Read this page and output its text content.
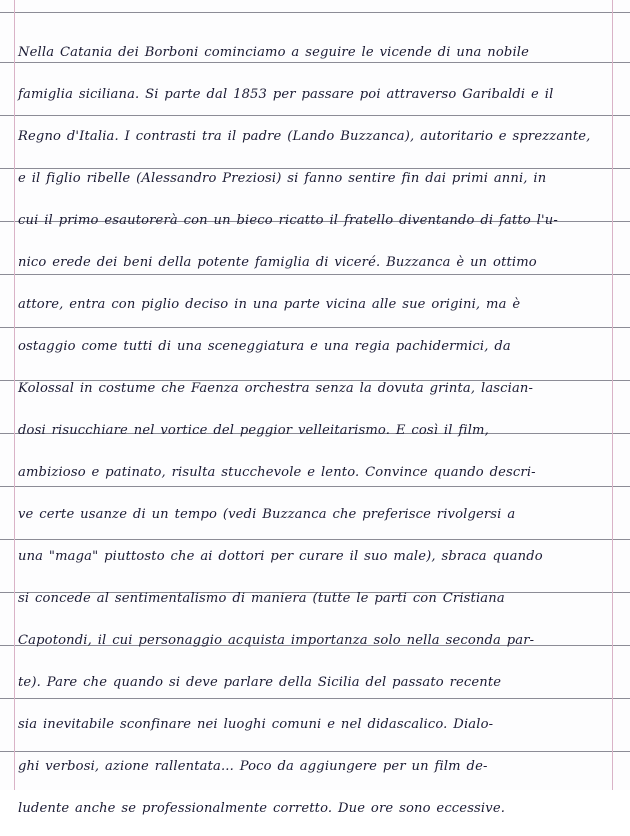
Nella Catania dei Borboni cominciamo a seguire le vicende di una nobile
famiglia siciliana. Si parte dal 1853 per passare poi attraverso Garibaldi e il
Regno d'Italia. I contrasti tra il padre (Lando Buzzanca), autoritario e sprezzante,
e il figlio ribelle (Alessandro Preziosi) si fanno sentire fin dai primi anni, in
cui il primo esautorerà con un bieco ricatto il fratello diventando di fatto l'u-
nico erede dei beni della potente famiglia di viceré. Buzzanca è un ottimo
attore, entra con piglio deciso in una parte vicina alle sue origini, ma è
ostaggio come tutti di una sceneggiatura e una regia pachidermici, da
Kolossal in costume che Faenza orchestra senza la dovuta grinta, lascian-
dosi risucchiare nel vortice del peggior velleitarismo. E così il film,
ambizioso e patinato, risulta stucchevole e lento. Convince quando descri-
ve certe usanze di un tempo (vedi Buzzanca che preferisce rivolgersi a
una "maga" piuttosto che ai dottori per curare il suo male), sbraca quando
si concede al sentimentalismo di maniera (tutte le parti con Cristiana
Capotondi, il cui personaggio acquista importanza solo nella seconda par-
te). Pare che quando si deve parlare della Sicilia del passato recente
sia inevitabile sconfinare nei luoghi comuni e nel didascalico. Dialo-
ghi verbosi, azione rallentata... Poco da aggiungere per un film de-
ludente anche se professionalmente corretto. Due ore sono eccessive.
